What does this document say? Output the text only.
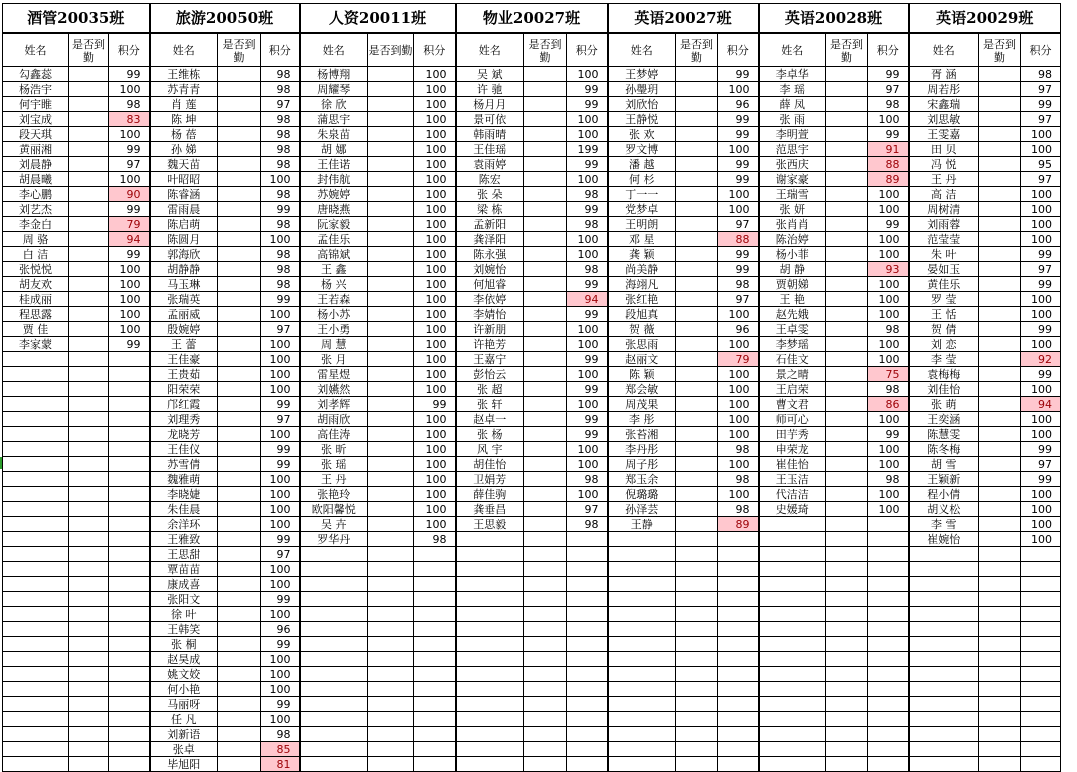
酒管20035班			旅游20050班			人资20011班			物业20027班			英语20027班			英语20028班			英语20029班		
姓名	是否到勤	积分	姓名	是否到勤	积分	姓名	是否到勤	积分	姓名	是否到勤	积分	姓名	是否到勤	积分	姓名	是否到勤	积分	姓名	是否到勤	积分
勾鑫蕊		99	王维栋		98	杨博翔		100	吴 斌		100	王梦婷		99	李卓华		99	胥 涵		98
杨浩宇		100	苏青青		98	周耀琴		100	许 驰		99	孙璺玥		100	李 瑶		97	周若彤		97
何宇睢		98	肖 莲		97	徐 欣		100	杨月月		99	刘欣怡		96	薛 凤		98	宋鑫瑞		99
刘宝成		83	陈 坤		98	蒲思宇		100	景可依		100	王静悦		99	张 雨		100	刘思敏		97
段天琪		100	杨 蓓		98	朱泉苗		100	韩雨晴		100	张 欢		99	李明萱		99	王雯嘉		100
黄丽湘		99	孙 娣		98	胡 娜		100	王佳瑶		199	罗文博		100	范思宇		91	田 贝		100
刘晨静		97	魏天苗		98	王佳诺		100	袁雨婷		99	潘 越		99	张西庆		88	冯 悦		95
胡晨曦		100	叶昭昭		100	封伟航		100	陈宏		100	何 杉		99	谢家豪		89	王 丹		97
李心鹏		90	陈睿涵		98	苏婉婷		100	张 朵		98	丁一一		100	王瑞雪		100	高 洁		100
刘艺杰		99	雷雨晨		99	唐晓燕		100	梁 栋		99	党梦卓		100	张 妍		100	周树清		100
李金白		79	陈启萌		98	阮家毅		100	孟新阳		98	王明朗		97	张肖肖		99	刘雨蓉		100
周 骆		94	陈圆月		100	孟佳乐		100	龚泽阳		100	邓 星		88	陈治婷		100	范莹莹		100
白 洁		99	郭海欣		98	高锦斌		100	陈永强		100	龚 颖		99	杨小菲		100	朱 叶		99
张悦悦		100	胡静静		98	王 鑫		100	刘婉怡		98	尚美静		99	胡 静		93	晏如玉		97
胡友欢		100	马玉琳		98	杨 兴		100	何旭睿		99	海翊凡		98	贾朝娣		100	黄佳乐		99
桂成丽		100	张瑞英		99	王若森		100	李依婷		94	张红艳		97	王 艳		100	罗 莹		100
程思露		100	孟丽威		100	杨小苏		100	李婧怡		99	段旭真		100	赵先娥		100	王 恬		100
贾 佳		100	殷婉婷		97	王小勇		100	许新朋		100	贺 薇		96	王卓雯		98	贺 倩		99
李家蒙		99	王 蕾		100	周 慧		100	许艳芳		100	张思雨		100	李梦瑶		100	刘 恋		100
			王佳豪		100	张 月		100	王嘉宁		99	赵丽文		79	石佳文		100	李 莹		92
			王贵茹		100	雷星煜		100	彭怡云		100	陈 颖		100	景之晴		75	袁梅梅		99
			阳荣荣		100	刘嬿然		100	张 超		99	郑会敏		100	王启荣		98	刘佳怡		100
			邝红霞		99	刘孝辉		99	张 轩		100	周茂果		100	曹文君		86	张 萌		94
			刘理秀		97	胡雨欣		100	赵卓一		99	李 彤		100	师可心		100	王奕涵		100
			龙晓芳		100	高佳涛		100	张 杨		99	张苔湘		100	田芋秀		99	陈慧雯		100
			王佳仪		99	张 昕		100	风 宇		100	李丹彤		98	申荣龙		100	陈冬梅		99
			苏雪倩		99	张 瑶		100	胡佳怡		100	周子彤		100	崔佳怡		100	胡 雪		97
			魏雅萌		100	王 丹		100	卫娟芳		98	郑玉余		98	王玉洁		98	王颖新		99
			李晓婕		100	张艳玲		100	薛佳驹		100	倪璐璐		100	代洁洁		100	程小倩		100
			朱佳晨		100	欧阳馨悦		100	龚垂昌		97	孙泽芸		98	史媛琦		100	胡义松		100
			余洋环		100	吴 卉		100	王思毅		98	王静		89				李 雪		100
			王雅致		99	罗华丹		98										崔婉怡		100
			王思甜		97															
			覃苗苗		100															
			康成喜		100															
			张阳文		99															
			徐 叶		100															
			王韩笑		96															
			张 桐		99															
			赵昊成		100															
			姚文姣		100															
			何小艳		100															
			马丽呀		99															
			任 凡		100															
			刘新语		98															
			张卓		85															
			毕旭阳		81															
